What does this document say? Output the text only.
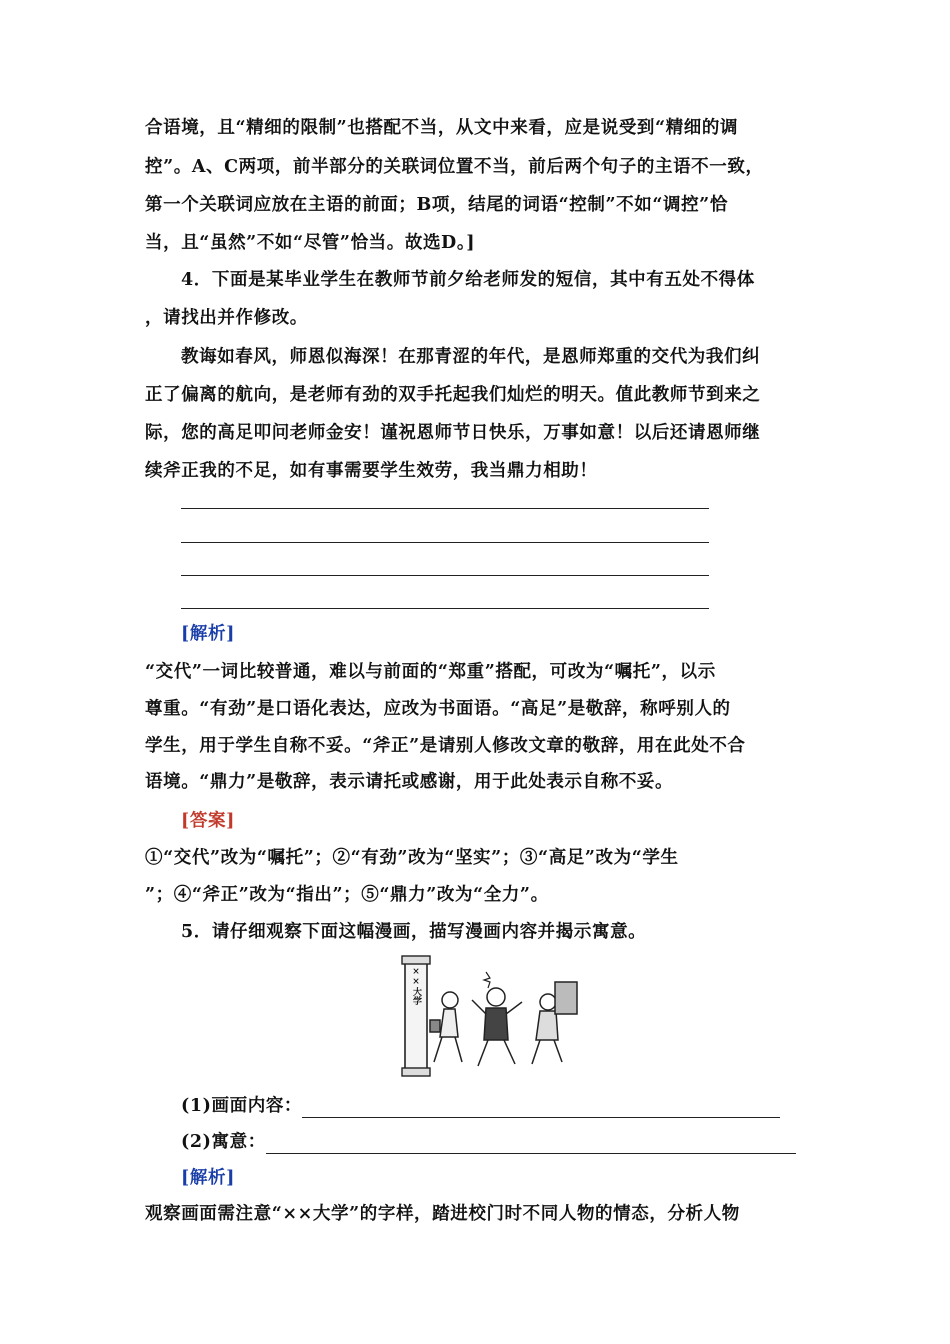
合语境，且“精细的限制”也搭配不当，从文中来看，应是说受到“精细的调
控”。A、C两项，前半部分的关联词位置不当，前后两个句子的主语不一致，
第一个关联词应放在主语的前面；B项，结尾的词语“控制”不如“调控”恰
当，且“虽然”不如“尽管”恰当。故选D。]
4．下面是某毕业学生在教师节前夕给老师发的短信，其中有五处不得体
，请找出并作修改。
教诲如春风，师恩似海深！在那青涩的年代，是恩师郑重的交代为我们纠
正了偏离的航向，是老师有劲的双手托起我们灿烂的明天。值此教师节到来之
际，您的高足叩问老师金安！谨祝恩师节日快乐，万事如意！以后还请恩师继
续斧正我的不足，如有事需要学生效劳，我当鼎力相助！
[解析]
“交代”一词比较普通，难以与前面的“郑重”搭配，可改为“嘱托”，以示
尊重。“有劲”是口语化表达，应改为书面语。“高足”是敬辞，称呼别人的
学生，用于学生自称不妥。“斧正”是请别人修改文章的敬辞，用在此处不合
语境。“鼎力”是敬辞，表示请托或感谢，用于此处表示自称不妥。
[答案]
①“交代”改为“嘱托”；②“有劲”改为“坚实”；③“高足”改为“学生
”；④“斧正”改为“指出”；⑤“鼎力”改为“全力”。
5．请仔细观察下面这幅漫画，描写漫画内容并揭示寓意。
××大学
(1)画面内容：
(2)寓意：
[解析]
观察画面需注意“××大学”的字样，踏进校门时不同人物的情态，分析人物
